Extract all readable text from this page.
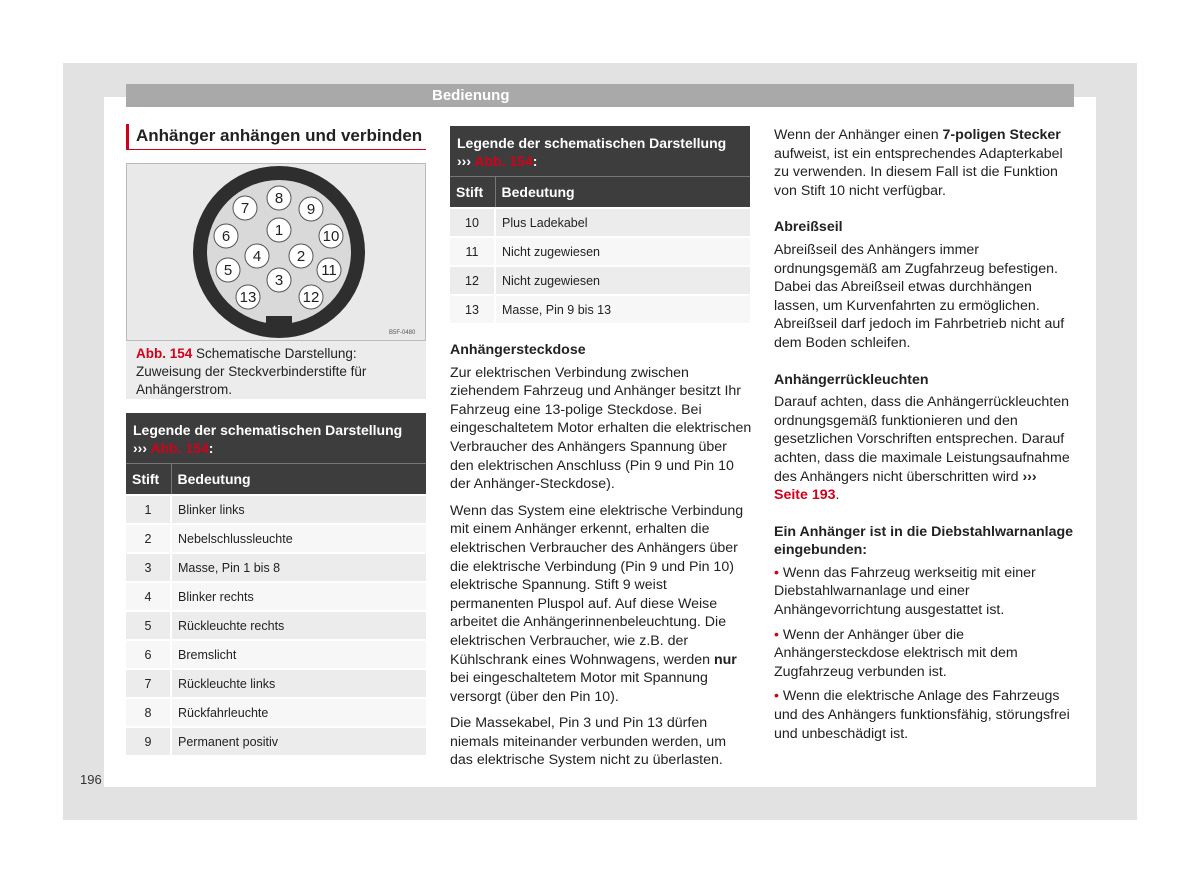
Bedienung
Anhänger anhängen und verbinden
1
2
3
4
5
6
7
8
9
10
11
12
13
B5F-0480
Abb. 154 Schematische Darstellung: Zuweisung der Steckverbinderstifte für Anhängerstrom.
Legende der schematischen Darstellung
››› Abb. 154:	
Stift	Bedeutung
1	Blinker links
2	Nebelschlussleuchte
3	Masse, Pin 1 bis 8
4	Blinker rechts
5	Rückleuchte rechts
6	Bremslicht
7	Rückleuchte links
8	Rückfahrleuchte
9	Permanent positiv
Legende der schematischen Darstellung
››› Abb. 154:	
Stift	Bedeutung
10	Plus Ladekabel
11	Nicht zugewiesen
12	Nicht zugewiesen
13	Masse, Pin 9 bis 13
Anhängersteckdose

Zur elektrischen Verbindung zwischen ziehendem Fahrzeug und Anhänger besitzt Ihr Fahrzeug eine 13-polige Steckdose. Bei eingeschaltetem Motor erhalten die elektrischen Verbraucher des Anhängers Spannung über den elektrischen Anschluss (Pin 9 und Pin 10 der Anhänger-Steckdose).

Wenn das System eine elektrische Verbindung mit einem Anhänger erkennt, erhalten die elektrischen Verbraucher des Anhängers über die elektrische Verbindung (Pin 9 und Pin 10) elektrische Spannung. Stift 9 weist permanenten Pluspol auf. Auf diese Weise arbeitet die Anhängerinnenbeleuchtung. Die elektrischen Verbraucher, wie z.B. der Kühlschrank eines Wohnwagens, werden nur bei eingeschaltetem Motor mit Spannung versorgt (über den Pin 10).

Die Massekabel, Pin 3 und Pin 13 dürfen niemals miteinander verbunden werden, um das elektrische System nicht zu überlasten.

Wenn der Anhänger einen 7-poligen Stecker aufweist, ist ein entsprechendes Adapterkabel zu verwenden. In diesem Fall ist die Funktion von Stift 10 nicht verfügbar.

Abreißseil

Abreißseil des Anhängers immer ordnungsgemäß am Zugfahrzeug befestigen. Dabei das Abreißseil etwas durchhängen lassen, um Kurvenfahrten zu ermöglichen. Abreißseil darf jedoch im Fahrbetrieb nicht auf dem Boden schleifen.

Anhängerrückleuchten

Darauf achten, dass die Anhängerrückleuchten ordnungsgemäß funktionieren und den gesetzlichen Vorschriften entsprechen. Darauf achten, dass die maximale Leistungsaufnahme des Anhängers nicht überschritten wird ››› Seite 193.

Ein Anhänger ist in die Diebstahlwarnanlage eingebunden:

• Wenn das Fahrzeug werkseitig mit einer Diebstahlwarnanlage und einer Anhängevorrichtung ausgestattet ist.

• Wenn der Anhänger über die Anhängersteckdose elektrisch mit dem Zugfahrzeug verbunden ist.

• Wenn die elektrische Anlage des Fahrzeugs und des Anhängers funktionsfähig, störungsfrei und unbeschädigt ist.

196
